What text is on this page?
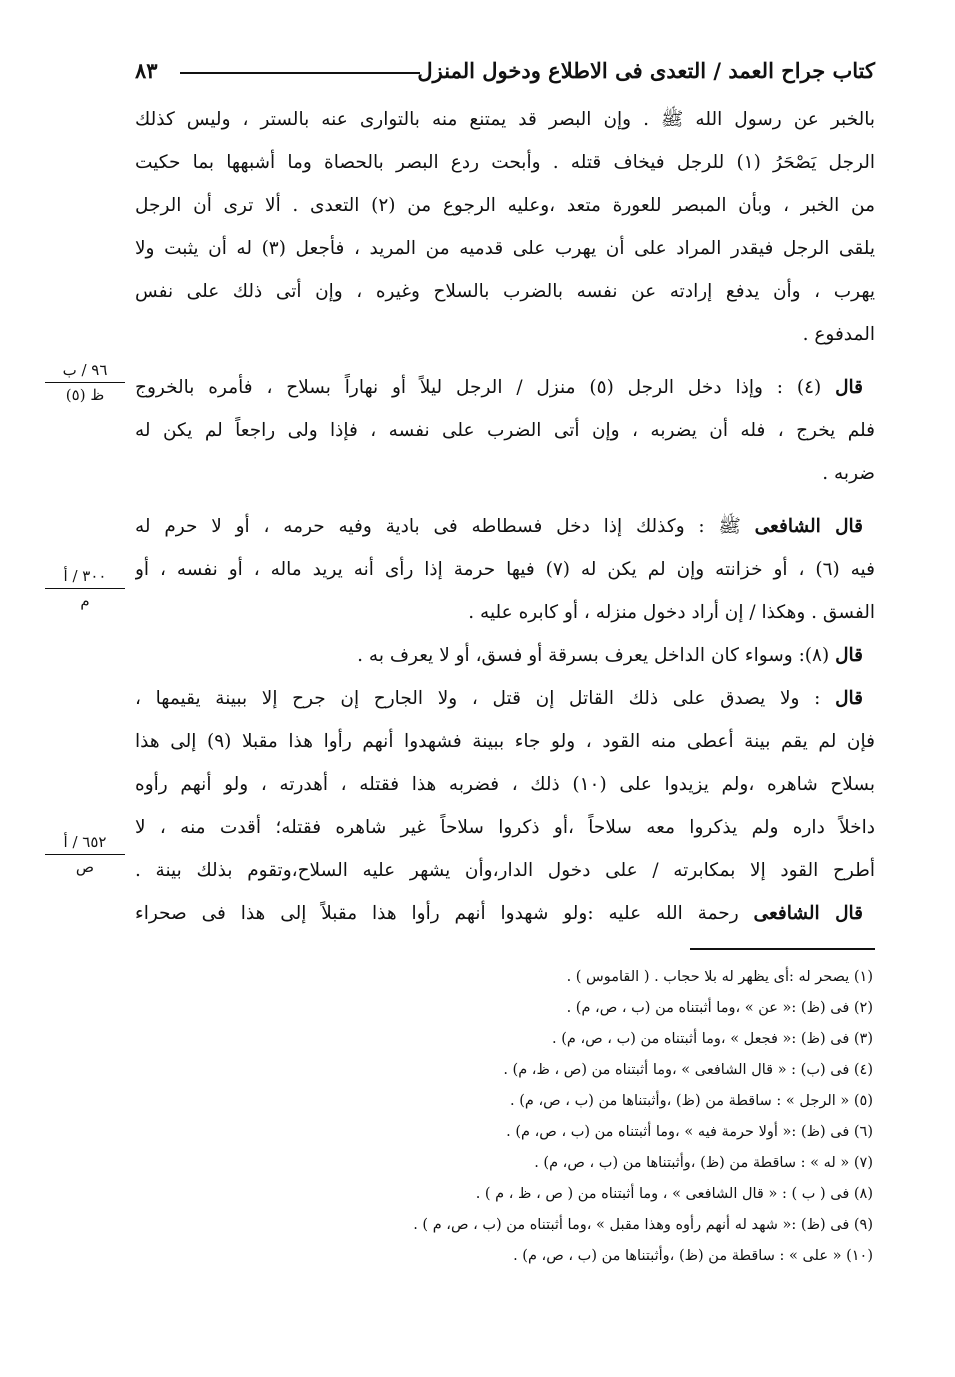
كتاب جراح العمد / التعدى فى الاطلاع ودخول المنزل
٨٣
بالخبر عن رسول الله ﷺ . وإن البصر قد يمتنع منه بالتوارى عنه بالستر ، وليس كذلك
الرجل يَصْحَرُ (١) للرجل فيخاف قتله . وأبحت ردع البصر بالحصاة وما أشبهها بما حكيت
من الخبر ، وبأن المبصر للعورة متعد ،وعليه الرجوع من (٢) التعدى . ألا ترى أن الرجل
يلقى الرجل فيقدر المراد على أن يهرب على قدميه من المريد ، فأجعل (٣) له أن يثبت ولا
يهرب ، وأن يدفع إرادته عن نفسه بالضرب بالسلاح وغيره ، وإن أتى ذلك على نفس
المدفوع .
قال (٤) : وإذا دخل الرجل (٥) منزل / الرجل ليلاً أو نهاراً بسلاح ، فأمره بالخروج
فلم يخرج ، فله أن يضربه ، وإن أتى الضرب على نفسه ، فإذا ولى راجعاً لم يكن له
ضربه .
قال الشافعى ﷺ : وكذلك إذا دخل فسطاطه فى بادية وفيه حرمه ، أو لا حرم له
فيه (٦) ، أو خزانته وإن لم يكن له (٧) فيها حرمة إذا رأى أنه يريد ماله ، أو نفسه ، أو
الفسق . وهكذا / إن أراد دخول منزله ، أو كابره عليه .
قال (٨): وسواء كان الداخل يعرف بسرقة أو فسق، أو لا يعرف به .
قال : ولا يصدق على ذلك القاتل إن قتل ، ولا الجارح إن جرح إلا ببينة يقيمها ،
فإن لم يقم بينة أعطى منه القود ، ولو جاء ببينة فشهدوا أنهم رأوا هذا مقبلا (٩) إلى هذا
بسلاح شاهره ،ولم يزيدوا على (١٠) ذلك ، فضربه هذا فقتله ، أهدرته ، ولو أنهم رأوه
داخلاً داره ولم يذكروا معه سلاحاً ،أو ذكروا سلاحاً غير شاهره فقتله؛ أقدت منه ، لا
أطرح القود إلا بمكابرته / على دخول الدار،وأن يشهر عليه السلاح،وتقوم بذلك بينة .
قال الشافعى رحمة الله عليه :ولو شهدوا أنهم رأوا هذا مقبلاً إلى هذا فى صحراء
٩٦ / ب
ظ (٥)
٣٠٠ / أ
م
٦٥٢ / أ
ص
(١) يصحر له :أى يظهر له بلا حجاب . ( القاموس ) .
(٢) فى (ظ) :« عن » ،وما أثبتناه من (ب ، ص، م) .
(٣) فى (ظ) :« فجعل » ،وما أثبتناه من (ب ، ص، م) .
(٤) فى (ب) : « قال الشافعى » ،وما أثبتناه من (ص ، ظ، م) .
(٥) « الرجل » : ساقطة من (ظ) ،وأثبتناها من (ب ، ص، م) .
(٦) فى (ظ) :« أولا حرمة فيه » ،وما أثبتناه من (ب ، ص، م) .
(٧) « له » : ساقطة من (ظ) ،وأثبتناها من (ب ، ص، م) .
(٨) فى ( ب ) : « قال الشافعى » ، وما أثبتناه من ( ص ، ظ ، م ) .
(٩) فى (ظ) :« شهد له أنهم رأوه وهذا مقبل » ،وما أثبتناه من (ب ، ص، م ) .
(١٠) « على » : ساقطة من (ظ) ،وأثبتناها من (ب ، ص، م) .
